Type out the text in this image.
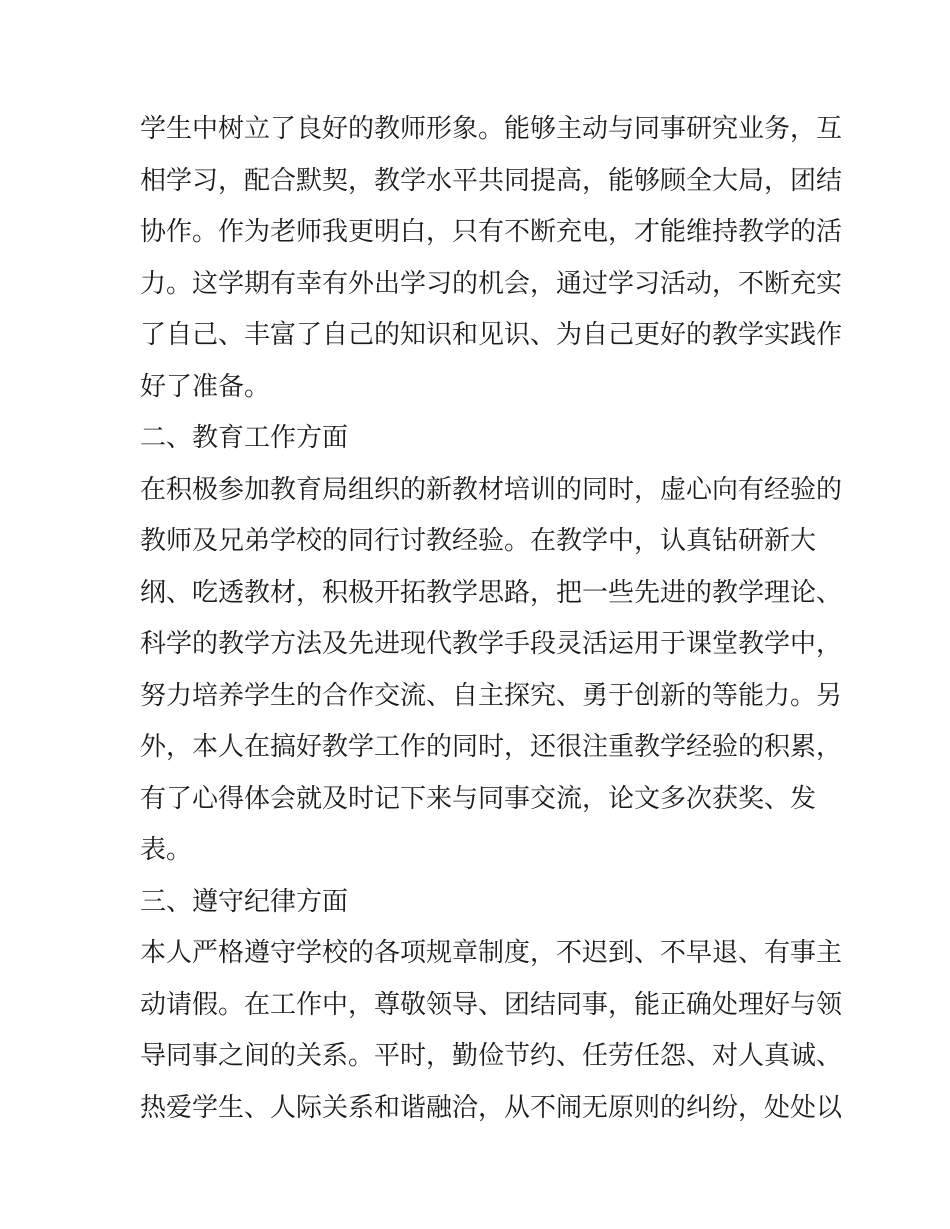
学生中树立了良好的教师形象。能够主动与同事研究业务，互
相学习，配合默契，教学水平共同提高，能够顾全大局，团结
协作。作为老师我更明白，只有不断充电，才能维持教学的活
力。这学期有幸有外出学习的机会，通过学习活动，不断充实
了自己、丰富了自己的知识和见识、为自己更好的教学实践作
好了准备。
二、教育工作方面
在积极参加教育局组织的新教材培训的同时，虚心向有经验的
教师及兄弟学校的同行讨教经验。在教学中，认真钻研新大
纲、吃透教材，积极开拓教学思路，把一些先进的教学理论、
科学的教学方法及先进现代教学手段灵活运用于课堂教学中，
努力培养学生的合作交流、自主探究、勇于创新的等能力。另
外，本人在搞好教学工作的同时，还很注重教学经验的积累，
有了心得体会就及时记下来与同事交流，论文多次获奖、发
表。
三、遵守纪律方面
本人严格遵守学校的各项规章制度，不迟到、不早退、有事主
动请假。在工作中，尊敬领导、团结同事，能正确处理好与领
导同事之间的关系。平时，勤俭节约、任劳任怨、对人真诚、
热爱学生、人际关系和谐融洽，从不闹无原则的纠纷，处处以
